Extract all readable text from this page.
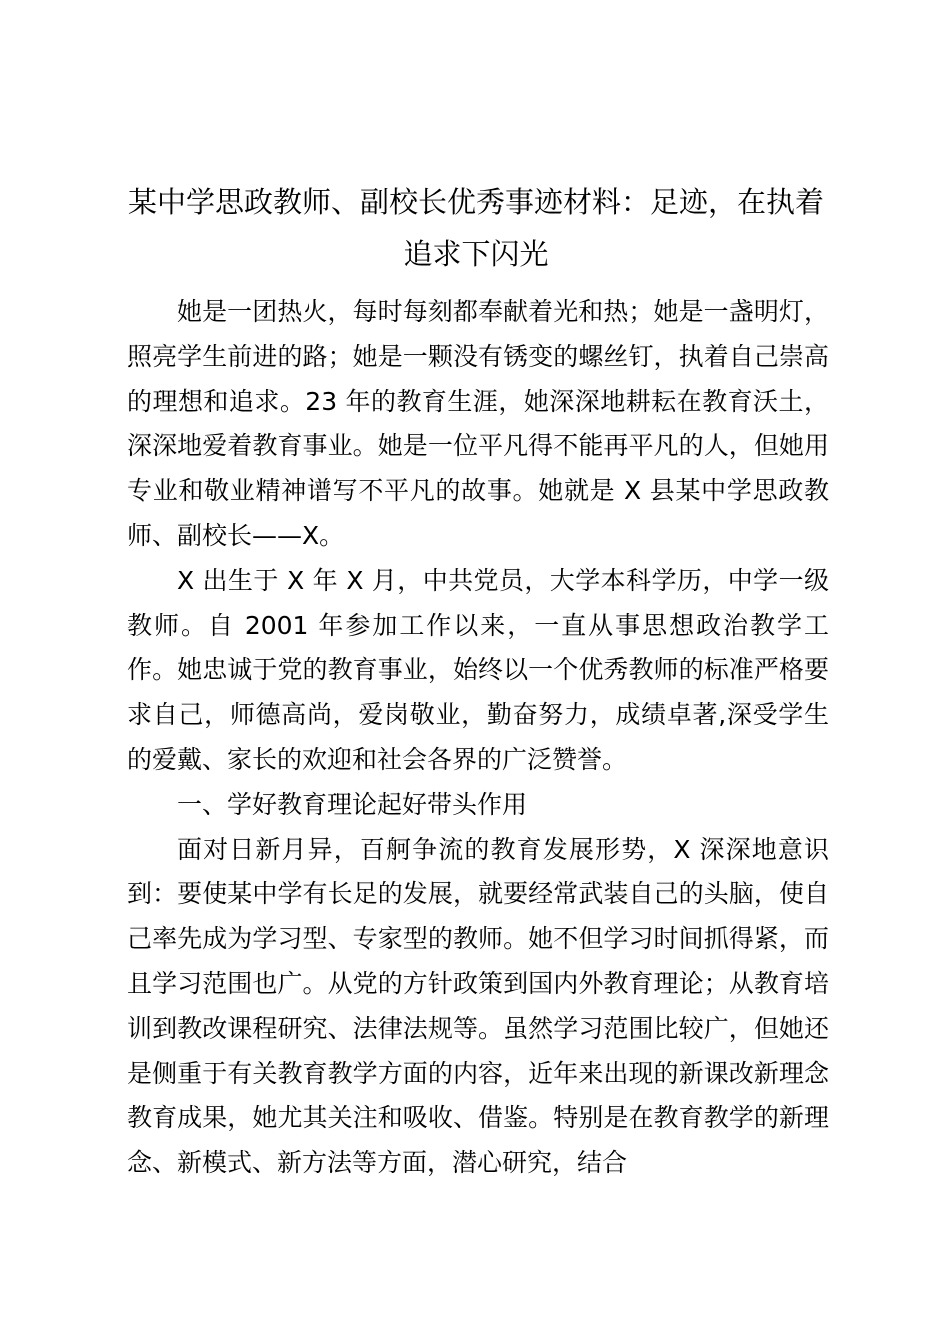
某中学思政教师、副校长优秀事迹材料：足迹，在执着追求下闪光

她是一团热火，每时每刻都奉献着光和热；她是一盏明灯，照亮学生前进的路；她是一颗没有锈变的螺丝钉，执着自己崇高的理想和追求。23 年的教育生涯，她深深地耕耘在教育沃土，深深地爱着教育事业。她是一位平凡得不能再平凡的人，但她用专业和敬业精神谱写不平凡的故事。她就是 X 县某中学思政教师、副校长——X。

X 出生于 X 年 X 月，中共党员，大学本科学历，中学一级教师。自 2001 年参加工作以来，一直从事思想政治教学工作。她忠诚于党的教育事业，始终以一个优秀教师的标准严格要求自己，师德高尚，爱岗敬业，勤奋努力，成绩卓著,深受学生的爱戴、家长的欢迎和社会各界的广泛赞誉。

一、学好教育理论起好带头作用

面对日新月异，百舸争流的教育发展形势，X 深深地意识到：要使某中学有长足的发展，就要经常武装自己的头脑，使自己率先成为学习型、专家型的教师。她不但学习时间抓得紧，而且学习范围也广。从党的方针政策到国内外教育理论；从教育培训到教改课程研究、法律法规等。虽然学习范围比较广，但她还是侧重于有关教育教学方面的内容，近年来出现的新课改新理念教育成果，她尤其关注和吸收、借鉴。特别是在教育教学的新理念、新模式、新方法等方面，潜心研究，结合
